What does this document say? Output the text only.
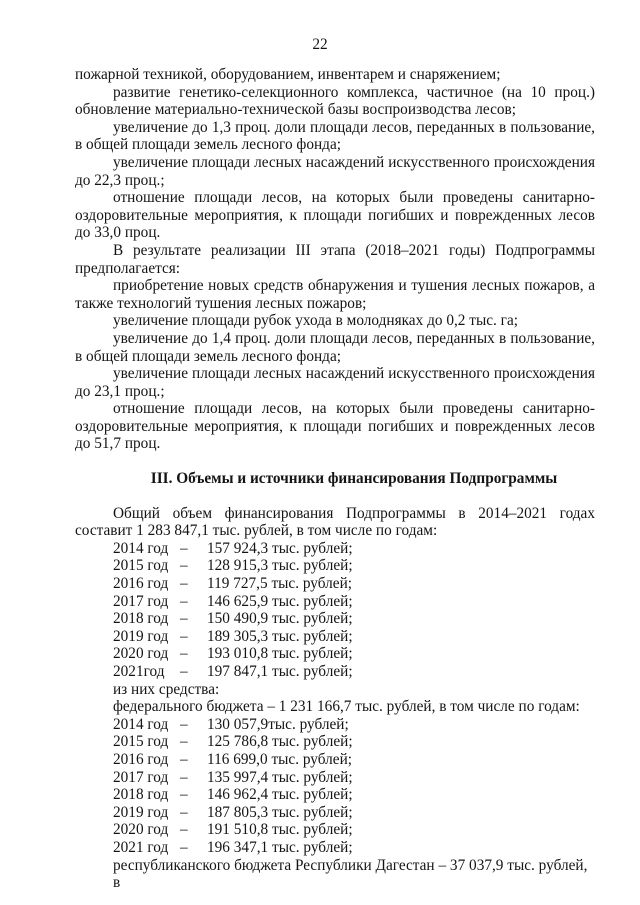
22

пожарной техникой, оборудованием, инвентарем и снаряжением;

развитие генетико-селекционного комплекса, частичное (на 10 проц.) обновление материально-технической базы воспроизводства лесов;

увеличение до 1,3 проц. доли площади лесов, переданных в пользование, в общей площади земель лесного фонда;

увеличение площади лесных насаждений искусственного происхождения до 22,3 проц.;

отношение площади лесов, на которых были проведены санитарно-оздоровительные мероприятия, к площади погибших и поврежденных лесов до 33,0 проц.

В результате реализации III этапа (2018–2021 годы) Подпрограммы предполагается:

приобретение новых средств обнаружения и тушения лесных пожаров, а также технологий тушения лесных пожаров;

увеличение площади рубок ухода в молодняках до 0,2 тыс. га;

увеличение до 1,4 проц. доли площади лесов, переданных в пользование, в общей площади земель лесного фонда;

увеличение площади лесных насаждений искусственного происхождения до 23,1 проц.;

отношение площади лесов, на которых были проведены санитарно-оздоровительные мероприятия, к площади погибших и поврежденных лесов до 51,7 проц.

III. Объемы и источники финансирования Подпрограммы

Общий объем финансирования Подпрограммы в 2014–2021 годах составит 1 283 847,1 тыс. рублей, в том числе по годам:

2014 год –	157 924,3 тыс. рублей;
2015 год –	128 915,3 тыс. рублей;
2016 год –	119 727,5 тыс. рублей;
2017 год –	146 625,9 тыс. рублей;
2018 год –	150 490,9 тыс. рублей;
2019 год –	189 305,3 тыс. рублей;
2020 год –	193 010,8 тыс. рублей;
2021год	–	197 847,1 тыс. рублей;

из них средства:

федерального бюджета – 1 231 166,7 тыс. рублей, в том числе по годам:

2014 год –	130 057,9тыс. рублей;
2015 год –	125 786,8 тыс. рублей;
2016 год –	116 699,0 тыс. рублей;
2017 год –	135 997,4 тыс. рублей;
2018 год –	146 962,4 тыс. рублей;
2019 год –	187 805,3 тыс. рублей;
2020 год –	191 510,8 тыс. рублей;
2021 год –	196 347,1 тыс. рублей;

республиканского бюджета Республики Дагестан – 37 037,9 тыс. рублей, в
